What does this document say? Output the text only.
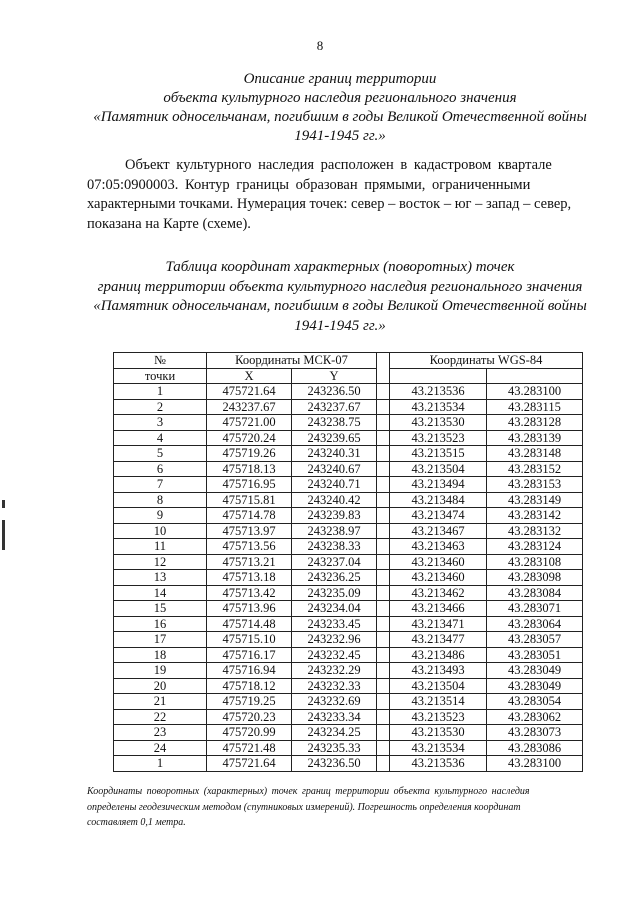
8
Описание границ территории
объекта культурного наследия регионального значения
«Памятник односельчанам, погибшим в годы Великой Отечественной войны
1941-1945 гг.»
Объект культурного наследия расположен в кадастровом квартале
07:05:0900003. Контур границы образован прямыми, ограниченными
характерными точками. Нумерация точек: север – восток – юг – запад – север,
показана на Карте (схеме).
Таблица координат характерных (поворотных) точек
границ территории объекта культурного наследия регионального значения
«Памятник односельчанам, погибшим в годы Великой Отечественной войны
1941-1945 гг.»
№	Координаты МСК-07			Координаты WGS-84	
точки	X	Y			
1	475721.64	243236.50		43.213536	43.283100
2	243237.67	243237.67		43.213534	43.283115
3	475721.00	243238.75		43.213530	43.283128
4	475720.24	243239.65		43.213523	43.283139
5	475719.26	243240.31		43.213515	43.283148
6	475718.13	243240.67		43.213504	43.283152
7	475716.95	243240.71		43.213494	43.283153
8	475715.81	243240.42		43.213484	43.283149
9	475714.78	243239.83		43.213474	43.283142
10	475713.97	243238.97		43.213467	43.283132
11	475713.56	243238.33		43.213463	43.283124
12	475713.21	243237.04		43.213460	43.283108
13	475713.18	243236.25		43.213460	43.283098
14	475713.42	243235.09		43.213462	43.283084
15	475713.96	243234.04		43.213466	43.283071
16	475714.48	243233.45		43.213471	43.283064
17	475715.10	243232.96		43.213477	43.283057
18	475716.17	243232.45		43.213486	43.283051
19	475716.94	243232.29		43.213493	43.283049
20	475718.12	243232.33		43.213504	43.283049
21	475719.25	243232.69		43.213514	43.283054
22	475720.23	243233.34		43.213523	43.283062
23	475720.99	243234.25		43.213530	43.283073
24	475721.48	243235.33		43.213534	43.283086
1	475721.64	243236.50		43.213536	43.283100
Координаты поворотных (характерных) точек границ территории объекта культурного наследия
определены геодезическим методом (спутниковых измерений). Погрешность определения координат
составляет 0,1 метра.
